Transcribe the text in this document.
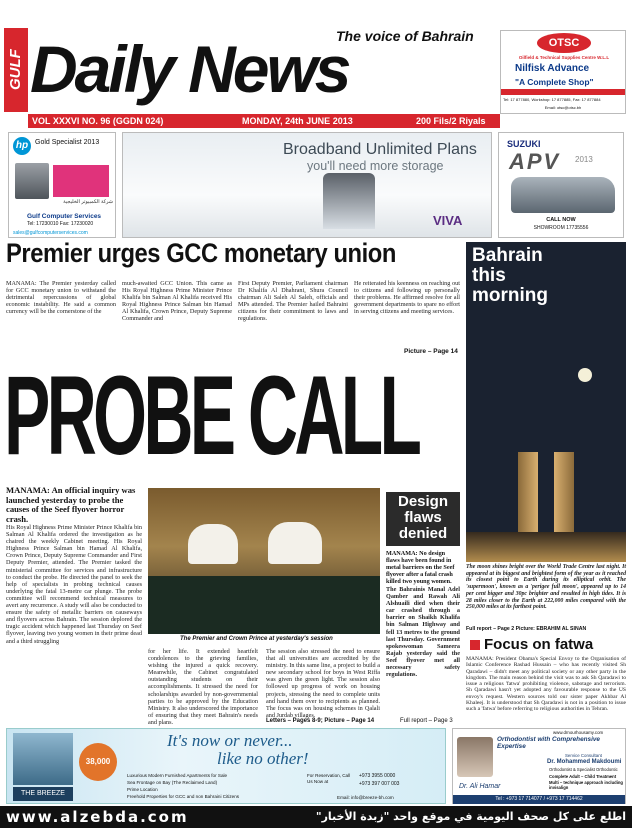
GULF Daily News
The voice of Bahrain	OTSC
Oilfield & Technical Supplies Centre W.L.L
Nilfisk Advance
"A Complete Shop"
Tel: 17 877880, Workshop: 17 877885, Fax: 17 877884
Email: otsc@otsc.bh
VOL XXXVI NO. 96 (GGDN 024)	MONDAY, 24th JUNE 2013	200 Fils/2 Riyals
hp Gold Specialist 2013
شركة الكمبيوتر الخليجية
Gulf Computer Services
Tel: 17230010 Fax: 17230020
sales@gulfcomputerservices.com
Broadband Unlimited Plans
you'll need more storage
VIVA
SUZUKI
APV 2013
CALL NOW
SHOWROOM 17735556
Premier urges GCC monetary union
MANAMA: The Premier yesterday called for GCC monetary union to withstand the detrimental repercussions of global economic instability. He said a common currency will be the cornerstone of the
much-awaited GCC Union. This came as His Royal Highness Prime Minister Prince Khalifa bin Salman Al Khalifa received His Royal Highness Prince Salman bin Hamad Al Khalifa, Crown Prince, Deputy Supreme Commander and
First Deputy Premier, Parliament chairman Dr Khalifa Al Dhahrani, Shura Council chairman Ali Saleh Al Saleh, officials and MPs attended. The Premier hailed Bahraini citizens for their commitment to laws and regulations.
He reiterated his keenness on reaching out to citizens and following up personally their problems. He affirmed resolve for all government departments to spare no effort in serving citizens and meeting services.
Picture – Page 14
Bahrain this morning
The moon shines bright over the World Trade Centre last night. It appeared at its biggest and brightest form of the year as it reached its closest point to Earth during its elliptical orbit. The 'supermoon', known as a 'perigee full moon', appeared up to 14 per cent bigger and 30pc brighter and resulted in high tides. It is 28 miles closer to the Earth at 222,000 miles compared with the 250,000 miles at its farthest point.
Full report – Page 2 Picture: EBRAHIM AL SINAN
PROBE CALL
MANAMA: An official inquiry was launched yesterday to probe the causes of the Seef flyover horror crash.
His Royal Highness Prime Minister Prince Khalifa bin Salman Al Khalifa ordered the investigation as he chaired the weekly Cabinet meeting. His Royal Highness Prince Salman bin Hamad Al Khalifa, Crown Prince, Deputy Supreme Commander and First Deputy Premier, attended. The Premier tasked the ministerial committee for services and infrastructure to conduct the probe. He directed the panel to seek the help of specialists in probing technical causes underlying the fatal 13-metre car plunge. The probe committee will recommend technical measures to avert any recurrence. A study will also be conducted to ensure the safety of metallic barriers on causeways and flyovers across Bahrain. The session deplored the tragic accident which happened last Thursday on Seef flyover, leaving two young women in their prime dead and a third struggling	The Premier and Crown Prince at yesterday's session
for her life. It extended heartfelt condolences to the grieving families, wishing the injured a quick recovery. Meanwhile, the Cabinet congratulated outstanding students on their accomplishments. It stressed the need for scholarships awarded by non-governmental parties to be approved by the Education Ministry. It also underscored the importance of ensuring that they meet Bahrain's needs and plans.
The session also stressed the need to ensure that all universities are accredited by the ministry. In this same line, a project to build a new secondary school for boys in West Riffa was given the green light. The session also followed up progress of work on housing projects, stressing the need to complete units and hand them over to recipients as planned. The focus was on housing schemes in Qalali and Jurdab villages.
Letters – Pages 8-9; Picture – Page 14
Design flaws denied
MANAMA: No design flaws have been found in metal barriers on the Seef flyover after a fatal crash killed two young women.
The Bahrainis Manal Adel Qamber and Rawah Ali Alshuaili died when their car crashed through a barrier on Shaikh Khalifa bin Salman Highway and fell 13 metres to the ground last Thursday. Government spokeswoman Sameera Rajab yesterday said the Seef flyover met all necessary safety regulations.
Full report – Page 3
Focus on fatwa
MANAMA: President Obama's Special Envoy to the Organisation of Islamic Conference Rashad Hussain – who has recently visited Sh Qaradawi – didn't meet any political society or any other party in the kingdom. The main reason behind the visit was to ask Sh Qaradawi to issue a religious 'fatwa' prohibiting violence, sabotage and terrorism. Sh Qaradawi hasn't yet adopted any favourable response to the US envoy's request. Western sources told our sister paper Akhbar Al Khaleej. It is understood that Sh Qaradawi is not in a position to issue such a 'fatwa' before referring to religious authorities in Tehran.
THE BREEZE
38,000
It's now or never...
like no other!
Luxurious Modern Furnished Apartments for Sale
Sea Frontage on Bay (The Reclaimed Land)
Prime Location
Freehold Properties for GCC and non Bahraini Citizens
For Reservation, Call Us Now at
+973 3955 0000
+973 397 007 003
Email: info@breeze-bh.com
www.drnourhousamy.com
Orthodontist with Comprehensive Expertise
Service Consultant
Dr. Mohammed Makdoumi
Orthodontist & Specialist Orthodontic
Complete Adult – Child Treatment
Multi – technique approach including invisalign
Dr. Ali Hamar
Tel : +973 17 714077 / +973 17 714462
www.alzebda.com	اطلع على كل صحف اليومية في موقع واحد "زبدة الأخبار"
